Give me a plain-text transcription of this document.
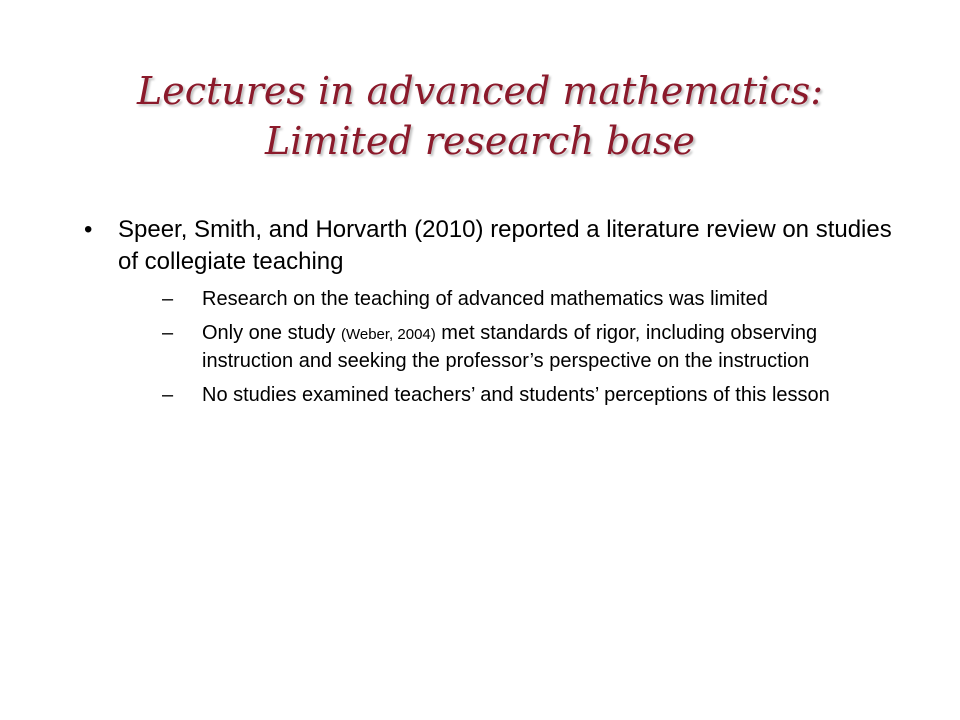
Lectures in advanced mathematics:
Limited research base
• Speer, Smith, and Horvarth (2010) reported a literature review on studies of collegiate teaching
– Research on the teaching of advanced mathematics was limited
– Only one study (Weber, 2004) met standards of rigor, including observing instruction and seeking the professor’s perspective on the instruction
– No studies examined teachers’ and students’ perceptions of this lesson
